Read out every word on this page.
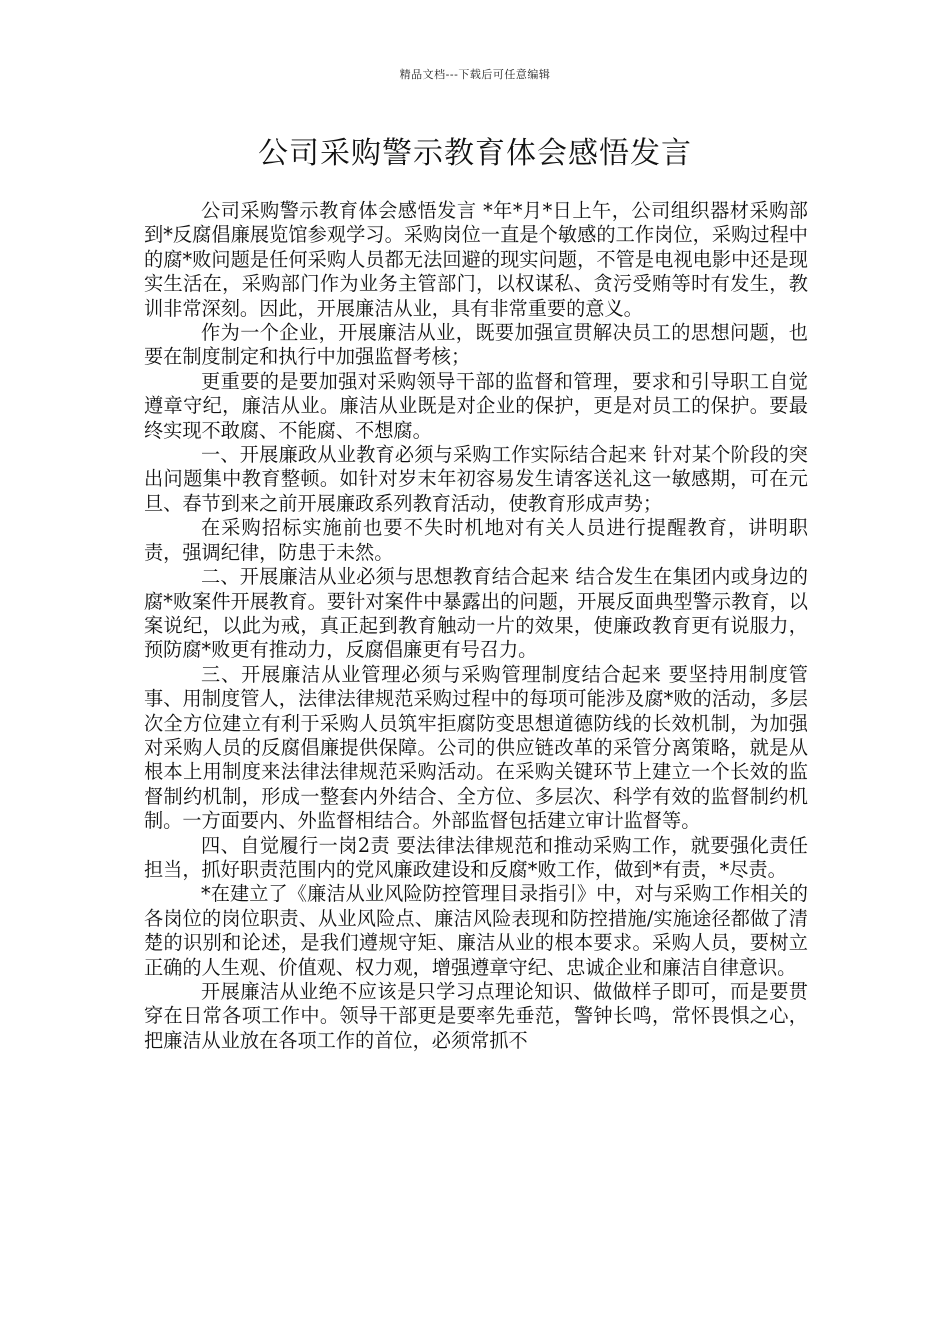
精品文档---下载后可任意编辑
公司采购警示教育体会感悟发言

公司采购警示教育体会感悟发言 *年*月*日上午，公司组织器材采购部到*反腐倡廉展览馆参观学习。采购岗位一直是个敏感的工作岗位，采购过程中的腐*败问题是任何采购人员都无法回避的现实问题，不管是电视电影中还是现实生活在，采购部门作为业务主管部门，以权谋私、贪污受贿等时有发生，教训非常深刻。因此，开展廉洁从业，具有非常重要的意义。

作为一个企业，开展廉洁从业，既要加强宣贯解决员工的思想问题，也要在制度制定和执行中加强监督考核；

更重要的是要加强对采购领导干部的监督和管理，要求和引导职工自觉遵章守纪，廉洁从业。廉洁从业既是对企业的保护，更是对员工的保护。要最终实现不敢腐、不能腐、不想腐。

一、开展廉政从业教育必须与采购工作实际结合起来 针对某个阶段的突出问题集中教育整顿。如针对岁末年初容易发生请客送礼这一敏感期，可在元旦、春节到来之前开展廉政系列教育活动，使教育形成声势；

在采购招标实施前也要不失时机地对有关人员进行提醒教育，讲明职责，强调纪律，防患于未然。

二、开展廉洁从业必须与思想教育结合起来 结合发生在集团内或身边的腐*败案件开展教育。要针对案件中暴露出的问题，开展反面典型警示教育，以案说纪，以此为戒，真正起到教育触动一片的效果，使廉政教育更有说服力，预防腐*败更有推动力，反腐倡廉更有号召力。

三、开展廉洁从业管理必须与采购管理制度结合起来 要坚持用制度管事、用制度管人，法律法律规范采购过程中的每项可能涉及腐*败的活动，多层次全方位建立有利于采购人员筑牢拒腐防变思想道德防线的长效机制，为加强对采购人员的反腐倡廉提供保障。公司的供应链改革的采管分离策略，就是从根本上用制度来法律法律规范采购活动。在采购关键环节上建立一个长效的监督制约机制，形成一整套内外结合、全方位、多层次、科学有效的监督制约机制。一方面要内、外监督相结合。外部监督包括建立审计监督等。

四、自觉履行一岗2责 要法律法律规范和推动采购工作，就要强化责任担当，抓好职责范围内的党风廉政建设和反腐*败工作，做到*有责，*尽责。

*在建立了《廉洁从业风险防控管理目录指引》中，对与采购工作相关的各岗位的岗位职责、从业风险点、廉洁风险表现和防控措施/实施途径都做了清楚的识别和论述，是我们遵规守矩、廉洁从业的根本要求。采购人员，要树立正确的人生观、价值观、权力观，增强遵章守纪、忠诚企业和廉洁自律意识。

开展廉洁从业绝不应该是只学习点理论知识、做做样子即可，而是要贯穿在日常各项工作中。领导干部更是要率先垂范，警钟长鸣，常怀畏惧之心，把廉洁从业放在各项工作的首位，必须常抓不
